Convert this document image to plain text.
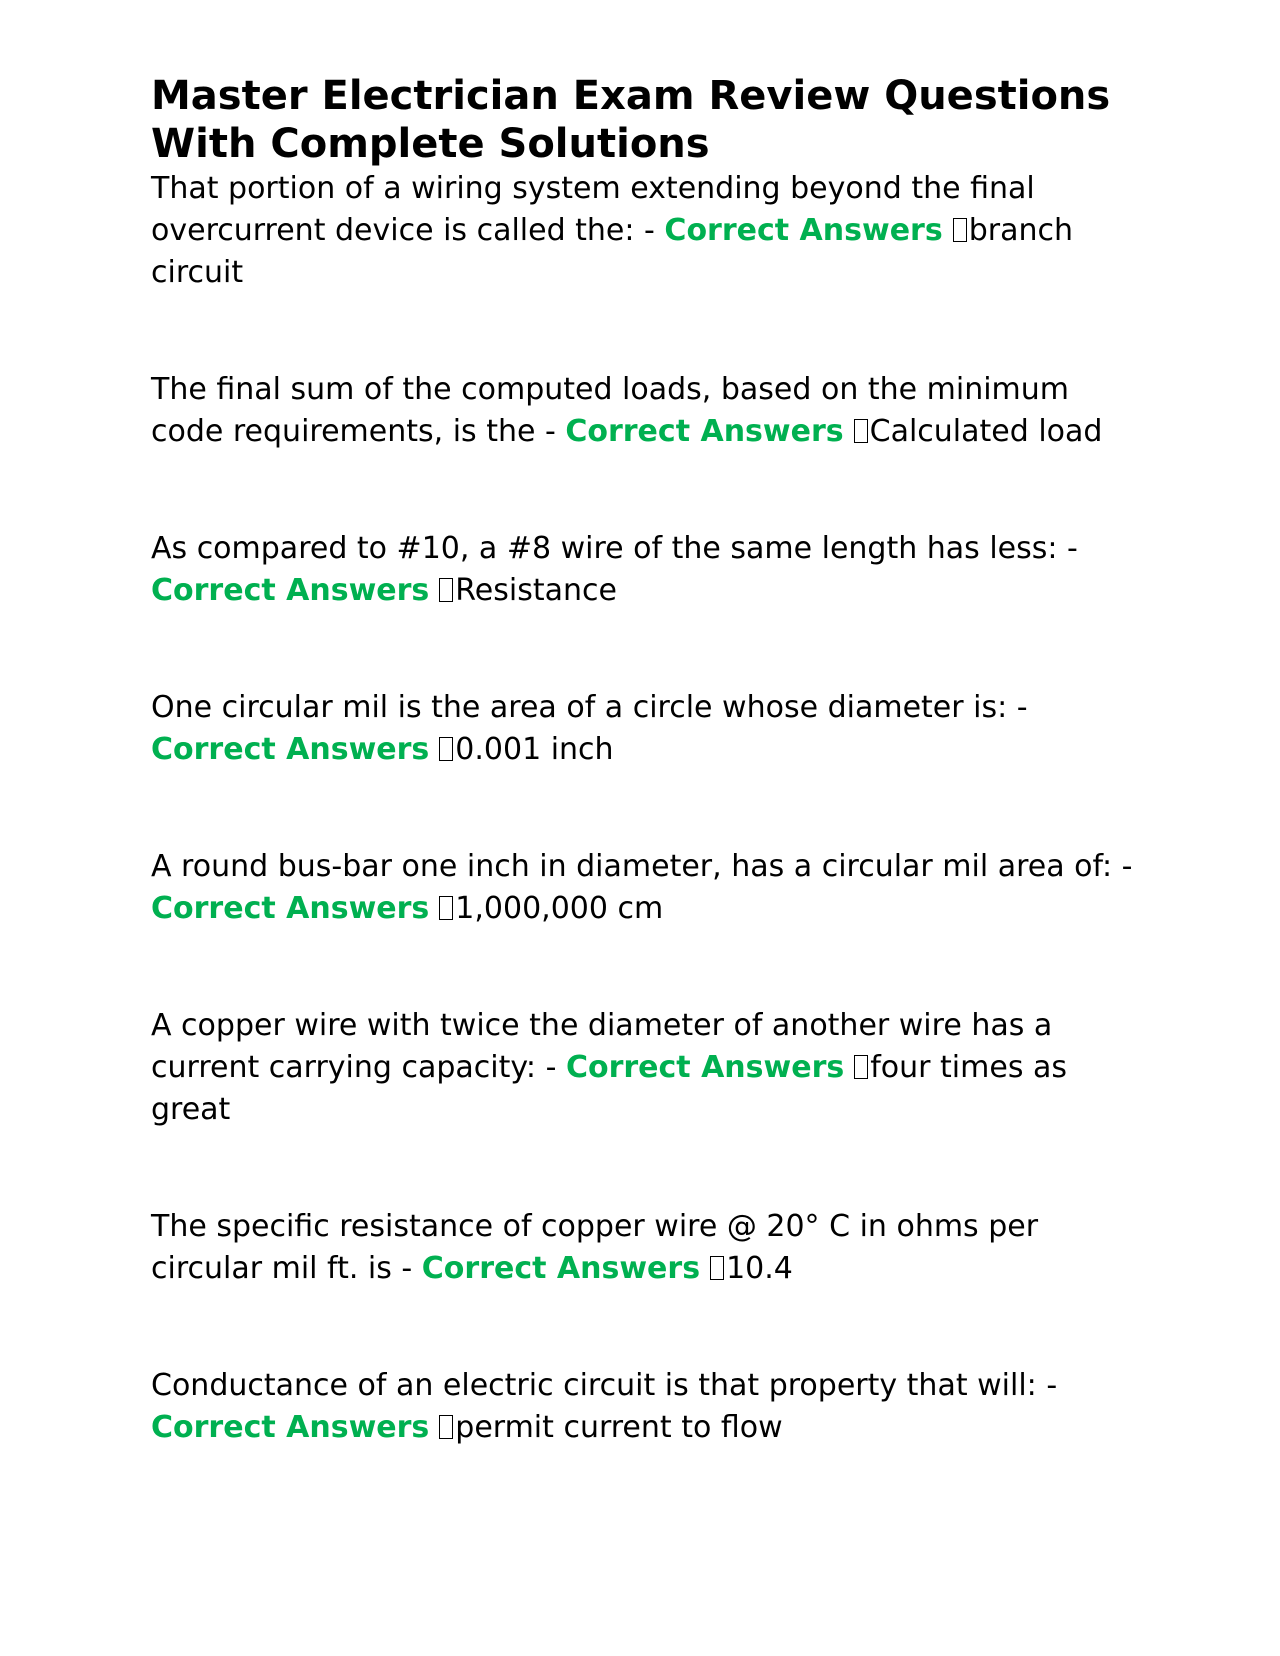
Master Electrician Exam Review Questions With Complete Solutions

That portion of a wiring system extending beyond the final overcurrent device is called the: - Correct Answers branch circuit

The final sum of the computed loads, based on the minimum code requirements, is the - Correct Answers Calculated load

As compared to #10, a #8 wire of the same length has less: - Correct Answers Resistance

One circular mil is the area of a circle whose diameter is: - Correct Answers 0.001 inch

A round bus-bar one inch in diameter, has a circular mil area of: - Correct Answers 1,000,000 cm

A copper wire with twice the diameter of another wire has a current carrying capacity: - Correct Answers four times as great

The specific resistance of copper wire @ 20° C in ohms per circular mil ft. is - Correct Answers 10.4

Conductance of an electric circuit is that property that will: - Correct Answers permit current to flow
